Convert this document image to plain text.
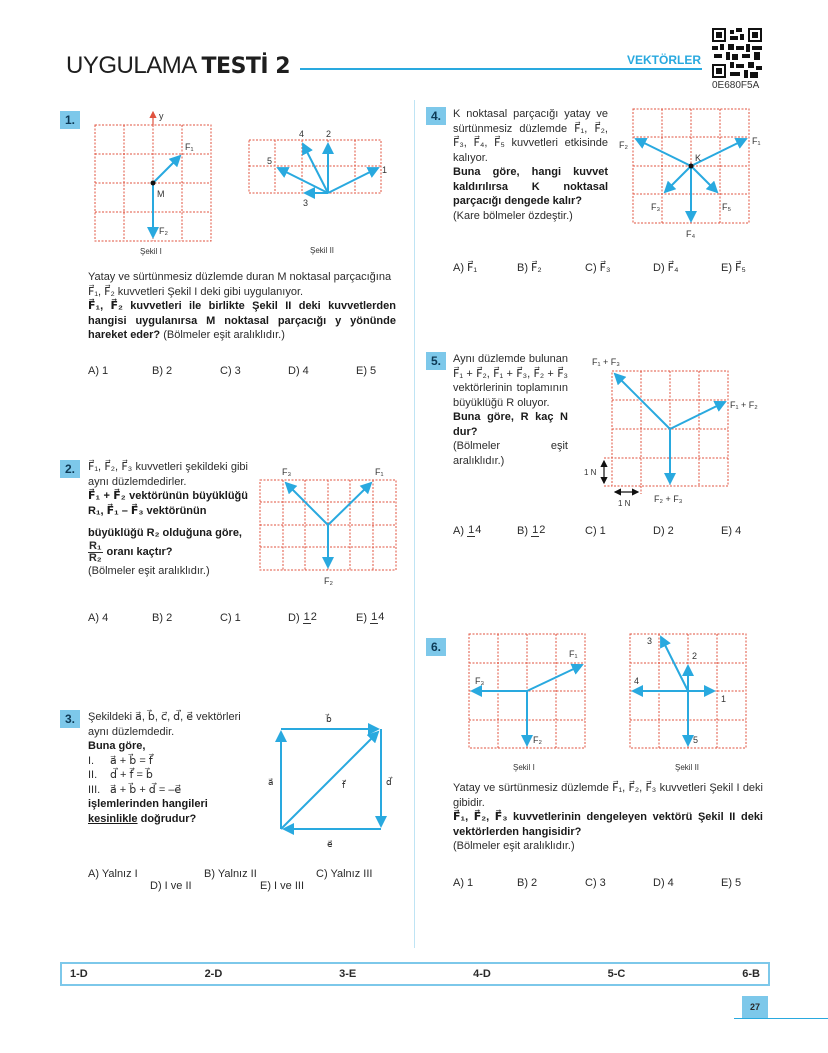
UYGULAMA TESTİ 2	VEKTÖRLER
0E680F5A
1.	y
M
F₁
F₂
Şekil I
1
2
3
4
5
Şekil II
Yatay ve sürtünmesiz düzlemde duran M noktasal parçacığına
F⃗₁, F⃗₂ kuvvetleri Şekil I deki gibi uygulanıyor.
F⃗₁, F⃗₂ kuvvetleri ile birlikte Şekil II deki kuvvetlerden hangisi uygulanırsa M noktasal parçacığı y yönünde hareket eder? (Bölmeler eşit aralıklıdır.)
A) 1	B) 2	C) 3	D) 4	E) 5
2.	F⃗₁, F⃗₂, F⃗₃ kuvvetleri şekildeki gibi aynı düzlemdedirler.
F⃗₁ + F⃗₂ vektörünün büyüklüğü R₁, F⃗₁ – F⃗₃ vektörünün
büyüklüğü R₂ olduğuna göre,
$\frac{\text{R₁}}{\text{R₂}}$ oranı kaçtır?
(Bölmeler eşit aralıklıdır.)
F₁
F₃
F₂
A) 4	B) 2	C) 1	D) 12	E) 14
3.	Şekildeki a⃗, b⃗, c⃗, d⃗, e⃗ vektörleri
aynı düzlemdedir.
Buna göre,
I. a⃗ + b⃗ = f⃗
II. d⃗ + f⃗ = b⃗
III. a⃗ + b⃗ + d⃗ = –e⃗
işlemlerinden hangileri kesinlikle doğrudur?
b⃗
a⃗	d⃗
f⃗
e⃗
A) Yalnız I	B) Yalnız II	C) Yalnız III
D) I ve II	E) I ve III
4.	K noktasal parçacığı yatay ve sürtünmesiz düzlemde F⃗₁, F⃗₂, F⃗₃, F⃗₄, F⃗₅ kuvvetleri etkisinde kalıyor.
Buna göre, hangi kuvvet kaldırılırsa K noktasal parçacığı dengede kalır?
(Kare bölmeler özdeştir.)
K
F₁
F₂
F₃
F₄
F₅
A) F⃗₁	B) F⃗₂	C) F⃗₃	D) F⃗₄	E) F⃗₅
5.	Aynı düzlemde bulunan F⃗₁ + F⃗₂, F⃗₁ + F⃗₃, F⃗₂ + F⃗₃ vektörlerinin toplamının büyüklüğü R oluyor.
Buna göre, R kaç N dur?
(Bölmeler eşit aralıklıdır.)
1 N
1 N
F₁ + F₂
F₁ + F₃
F₂ + F₃
A) 14	B) 12	C) 1	D) 2	E) 4
6.	F₁
F₂
F₃
Şekil I
1
2
3
4
5
Şekil II
Yatay ve sürtünmesiz düzlemde F⃗₁, F⃗₂, F⃗₃ kuvvetleri Şekil I deki gibidir.
F⃗₁, F⃗₂, F⃗₃ kuvvetlerinin dengeleyen vektörü Şekil II deki vektörlerden hangisidir?
(Bölmeler eşit aralıklıdır.)
A) 1	B) 2	C) 3	D) 4	E) 5
1-D	2-D	3-E	4-D	5-C	6-B
27
